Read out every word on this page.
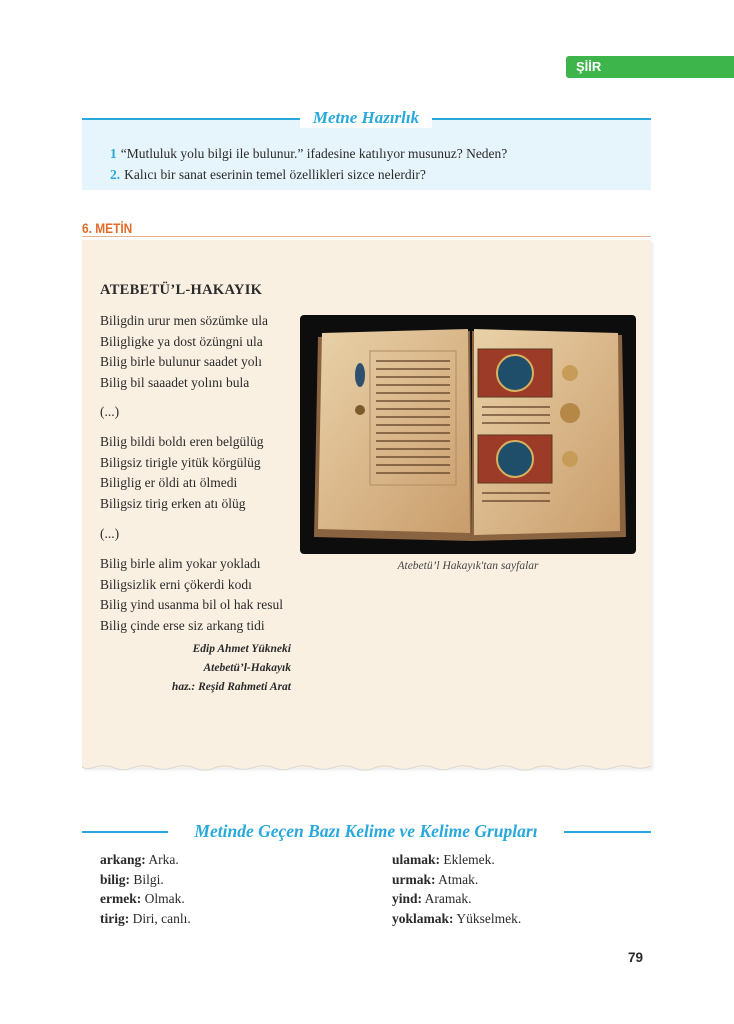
ŞİİR
Metne Hazırlık
1 “Mutluluk yolu bilgi ile bulunur.” ifadesine katılıyor musunuz? Neden?
2. Kalıcı bir sanat eserinin temel özellikleri sizce nelerdir?
6. METİN
ATEBETÜ’L-HAKAYIK
Biligdin urur men sözümke ula
Biligligke ya dost özüngni ula
Bilig birle bulunur saadet yolı
Bilig bil saaadet yolını bula
(...)
Bilig bildi boldı eren belgülüg
Biligsiz tirigle yitük körgülüg
Biliglig er öldi atı ölmedi
Biligsiz tirig erken atı ölüg
(...)
Bilig birle alim yokar yokladı
Biligsizlik erni çökerdi kodı
Bilig yind usanma bil ol hak resul
Bilig çinde erse siz arkang tidi
Edip Ahmet Yükneki
Atebetü’l-Hakayık
haz.: Reşid Rahmeti Arat
Atebetü’l Hakayık'tan sayfalar
Metinde Geçen Bazı Kelime ve Kelime Grupları
arkang: Arka.
bilig: Bilgi.
ermek: Olmak.
tirig: Diri, canlı.
ulamak: Eklemek.
urmak: Atmak.
yind: Aramak.
yoklamak: Yükselmek.
79
